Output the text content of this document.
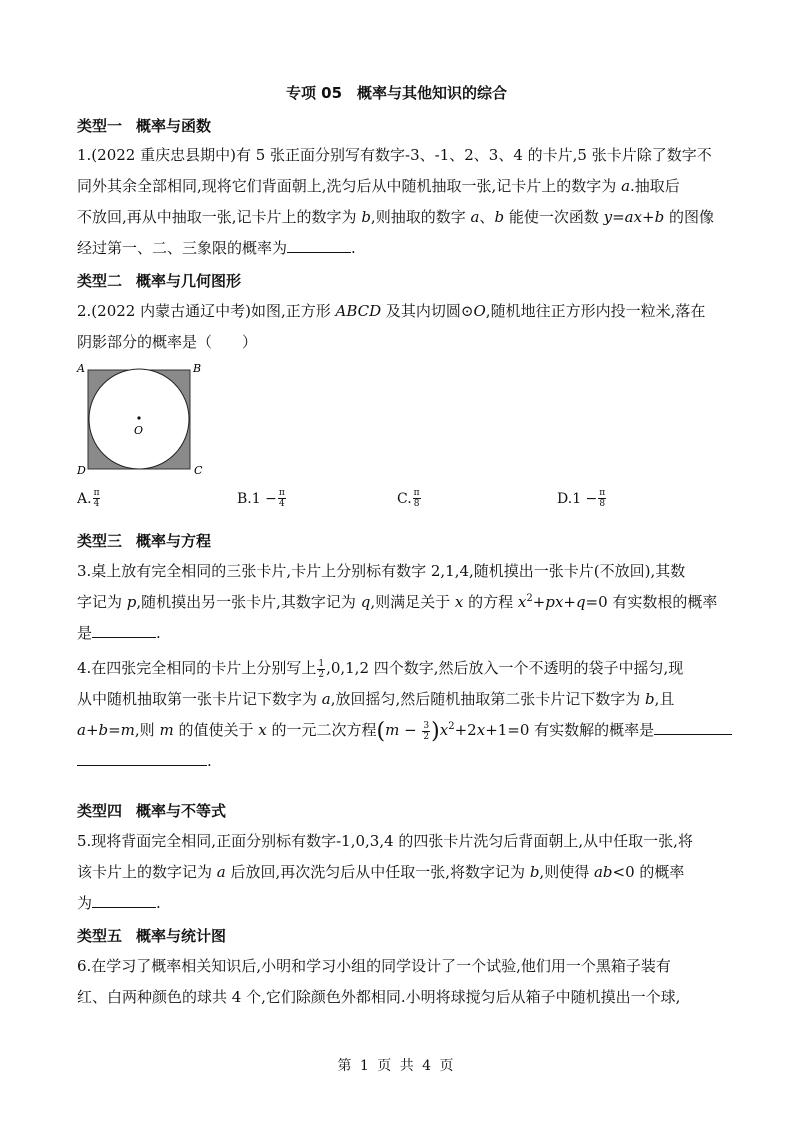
专项 05　概率与其他知识的综合
类型一 概率与函数
1.(2022 重庆忠县期中)有 5 张正面分别写有数字-3、-1、2、3、4 的卡片,5 张卡片除了数字不
同外其余全部相同,现将它们背面朝上,洗匀后从中随机抽取一张,记卡片上的数字为 a.抽取后
不放回,再从中抽取一张,记卡片上的数字为 b,则抽取的数字 a、b 能使一次函数 y=ax+b 的图像
经过第一、二、三象限的概率为	.
类型二 概率与几何图形
2.(2022 内蒙古通辽中考)如图,正方形 ABCD 及其内切圆⊙O,随机地往正方形内投一粒米,落在
阴影部分的概率是（　　）
A	B
C
D
O
A. $\frac{\pi}{4}$	B. $1 - \frac{\pi}{4}$	C. $\frac{\pi}{8}$	D. $1 - \frac{\pi}{8}$
类型三 概率与方程
3.桌上放有完全相同的三张卡片,卡片上分别标有数字 2,1,4,随机摸出一张卡片(不放回),其数
字记为 p,随机摸出另一张卡片,其数字记为 q,则满足关于 x 的方程 $x^2+px+q=0$ 有实数根的概率
是	.
4.在四张完全相同的卡片上分别写上 $\frac{1}{2} ,0,1,2$ 四个数字,然后放入一个不透明的袋子中摇匀,现
从中随机抽取第一张卡片记下数字为 a,放回摇匀,然后随机抽取第二张卡片记下数字为 b,且
a+b=m,则 m 的值使关于 x 的一元二次方程$(m - \frac{3}{2} )x^2+2x+1=0$ 有实数解的概率是
.
类型四 概率与不等式
5.现将背面完全相同,正面分别标有数字-1,0,3,4 的四张卡片洗匀后背面朝上,从中任取一张,将
该卡片上的数字记为 a 后放回,再次洗匀后从中任取一张,将数字记为 b,则使得 ab<0 的概率
为	.
类型五 概率与统计图
6.在学习了概率相关知识后,小明和学习小组的同学设计了一个试验,他们用一个黑箱子装有
红、白两种颜色的球共 4 个,它们除颜色外都相同.小明将球搅匀后从箱子中随机摸出一个球,
第 1 页 共 4 页
